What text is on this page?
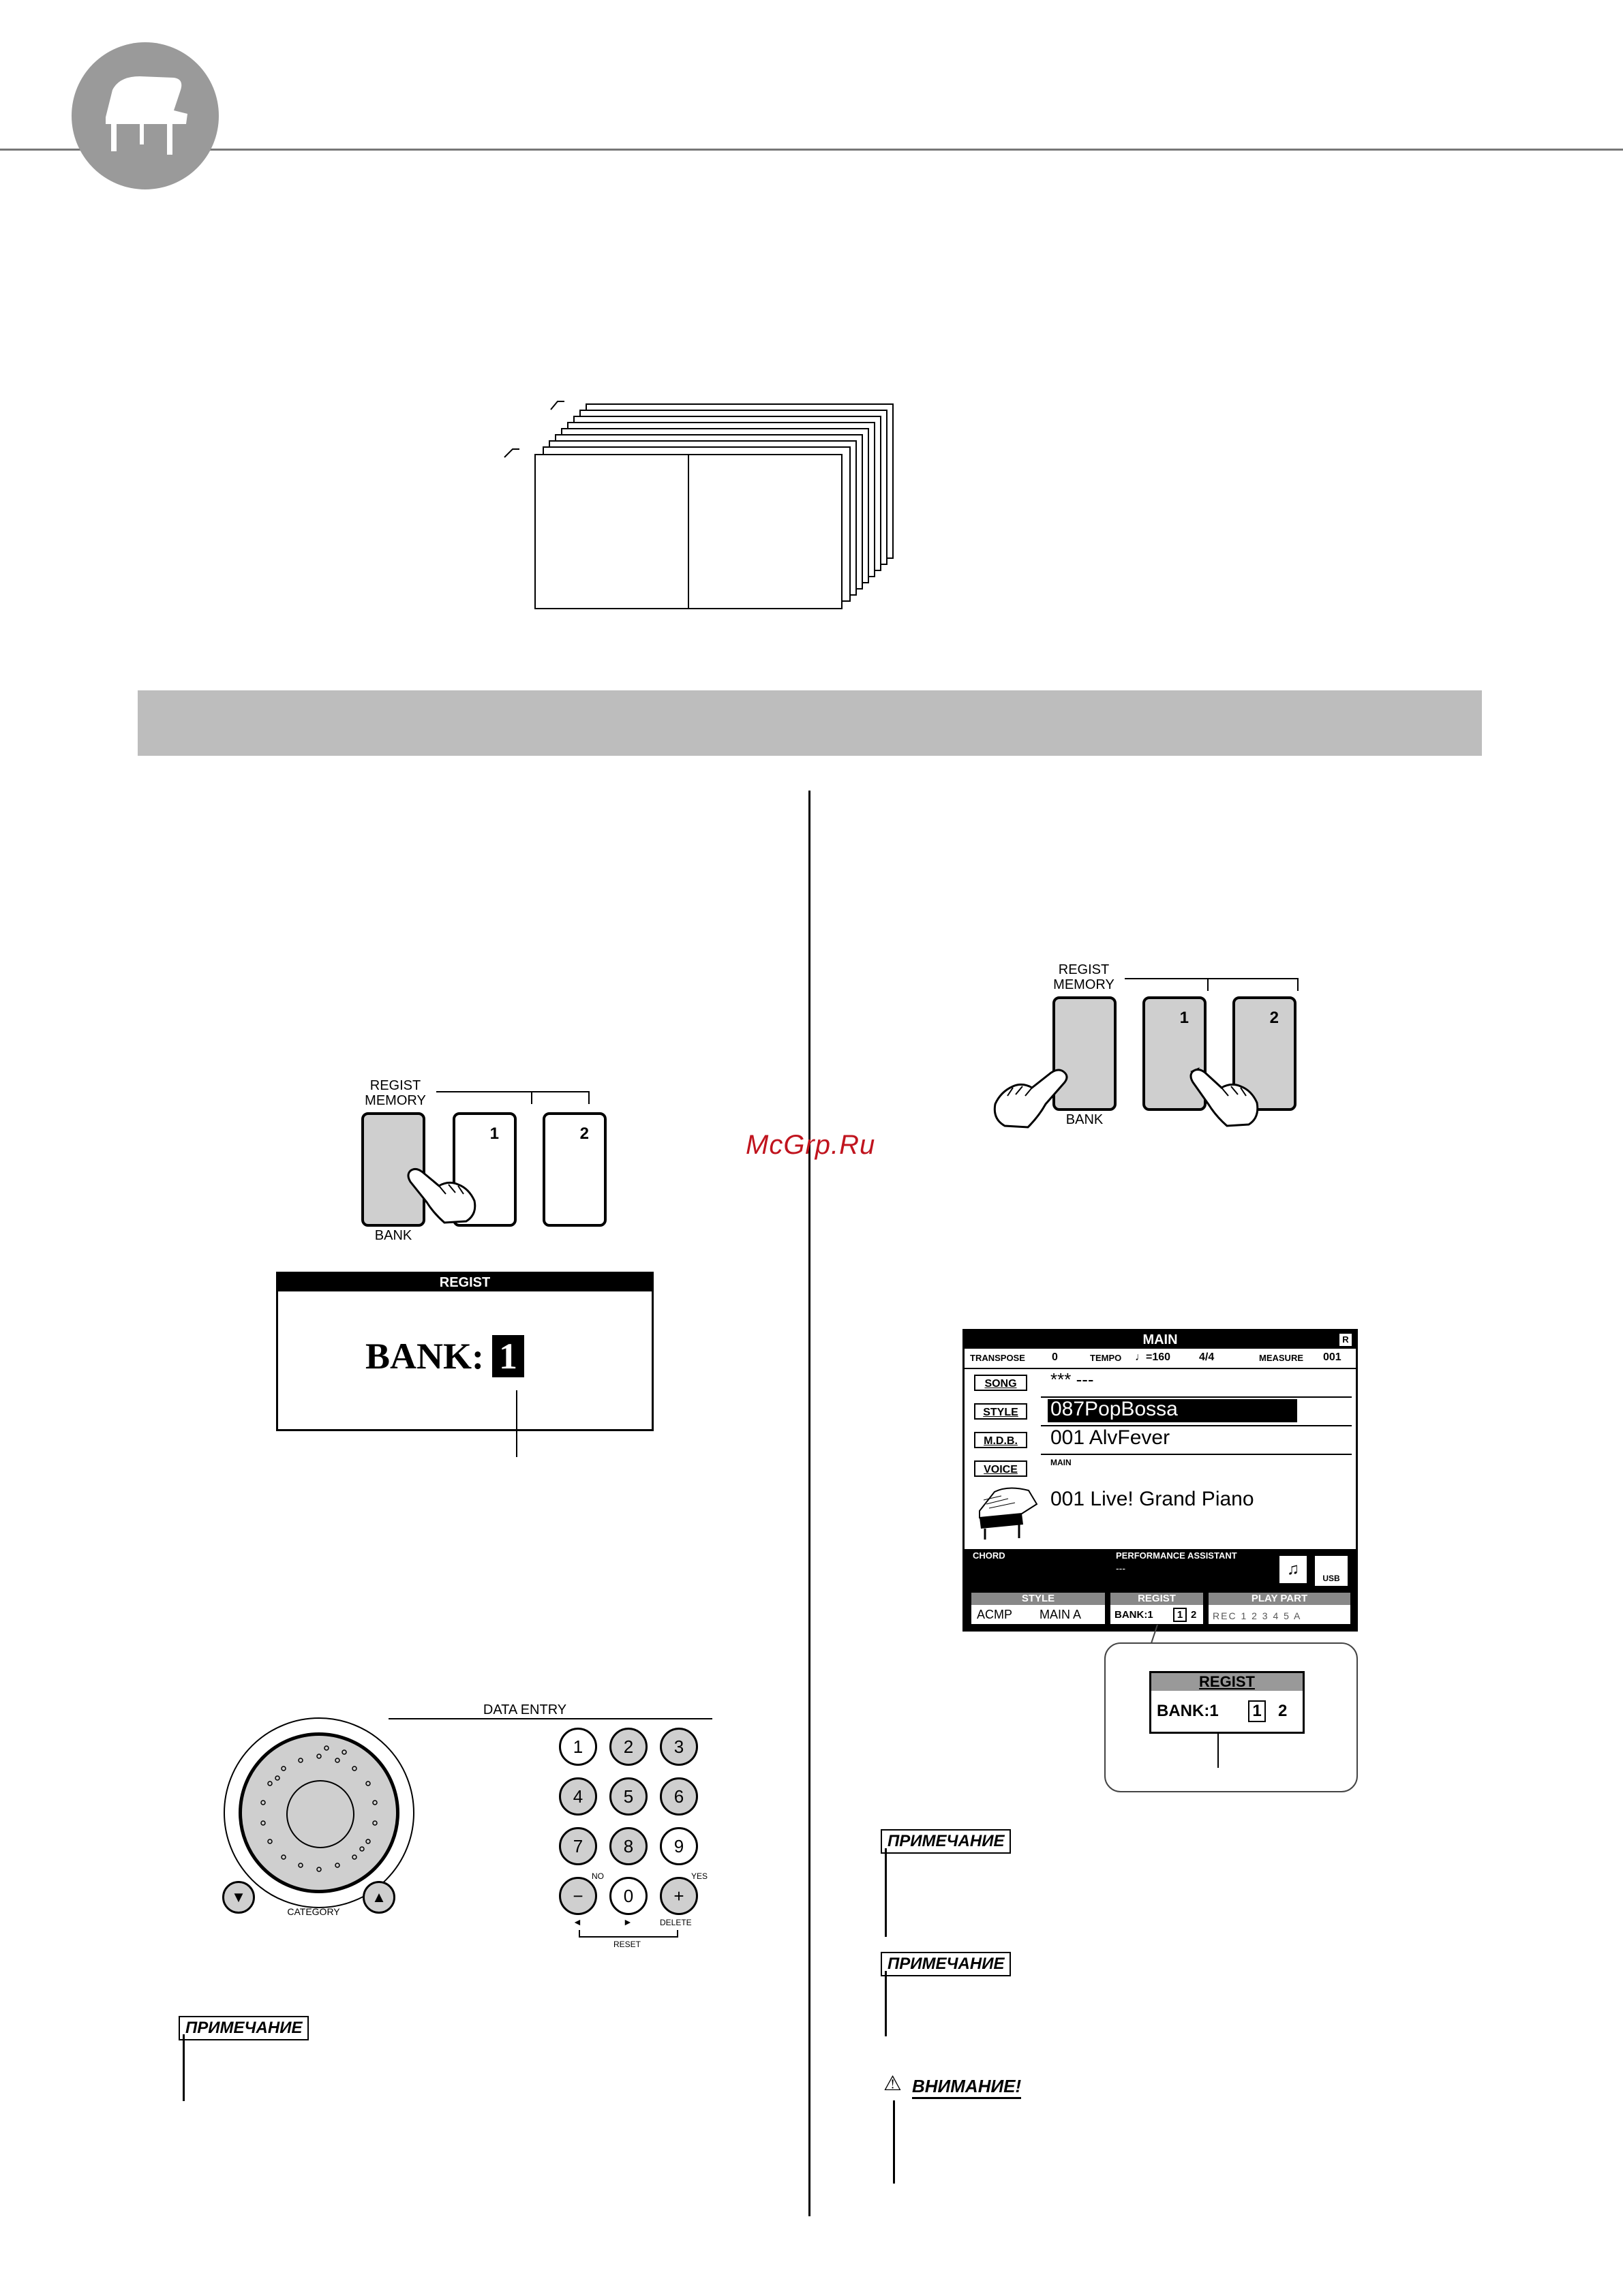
McGrp.Ru
REGIST
MEMORY
1	2
BANK
REGIST
BANK: 1
DATA ENTRY
▼	▲
CATEGORY
1	2	3
4	5	6
7	8	9
−	0	+
NO	YES
◄	►	DELETE
RESET
ПРИМЕЧАНИЕ
REGIST
MEMORY
1	2
BANK
MAIN	R
TRANSPOSE 0	TEMPO ♩=160	4/4	MEASURE 001
SONG	*** ---
STYLE	087PopBossa
M.D.B.	001 AlvFever
VOICE
MAIN
001 Live! Grand Piano
CHORD	PERFORMANCE ASSISTANT
---	♫	USB
STYLE
ACMP MAIN A
REGIST
BANK:1	1 2
PLAY PART
REC 1 2 3 4 5 A
REGIST
BANK:1 1 2
ПРИМЕЧАНИЕ
ПРИМЕЧАНИЕ
⚠ ВНИМАНИЕ!
